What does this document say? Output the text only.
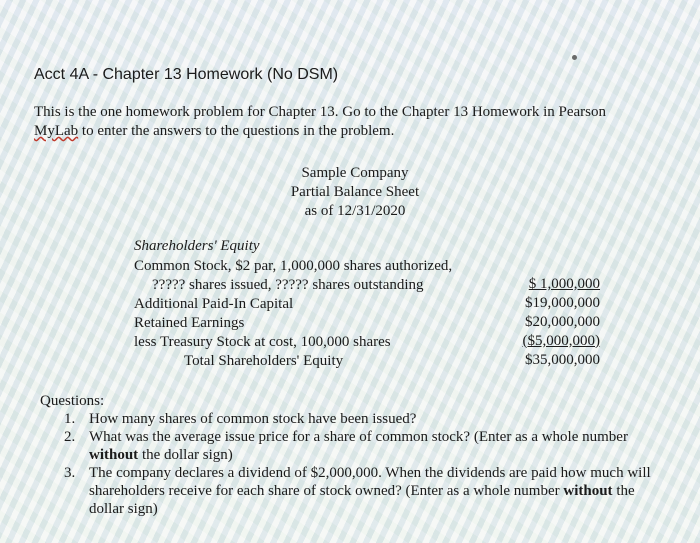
Acct 4A - Chapter 13 Homework (No DSM)
This is the one homework problem for Chapter 13. Go to the Chapter 13 Homework in Pearson
MyLab to enter the answers to the questions in the problem.
Sample Company
Partial Balance Sheet
as of 12/31/2020
Shareholders' Equity
Common Stock, $2 par, 1,000,000 shares authorized,
????? shares issued, ????? shares outstanding	$ 1,000,000
Additional Paid-In Capital	$19,000,000
Retained Earnings	$20,000,000
less Treasury Stock at cost, 100,000 shares	($5,000,000)
Total Shareholders' Equity	$35,000,000
Questions:
1. How many shares of common stock have been issued?
2. What was the average issue price for a share of common stock? (Enter as a whole number without the dollar sign)
3. The company declares a dividend of $2,000,000. When the dividends are paid how much will shareholders receive for each share of stock owned? (Enter as a whole number without the dollar sign)
